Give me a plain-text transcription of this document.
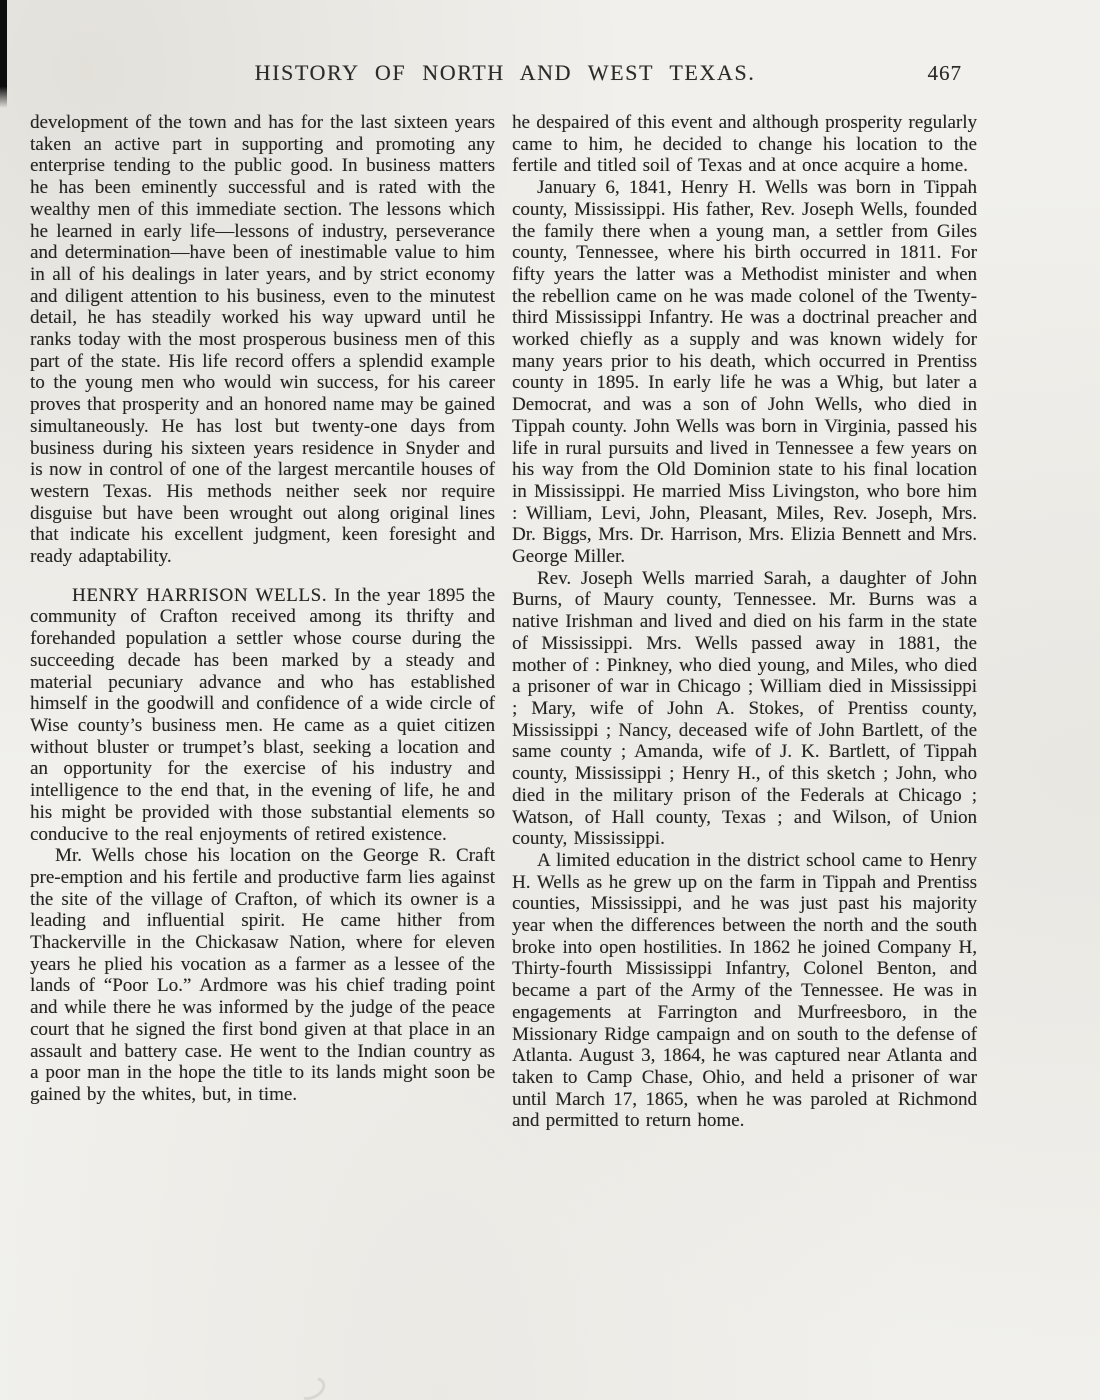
HISTORY OF NORTH AND WEST TEXAS.	467

development of the town and has for the last sixteen years taken an active part in supporting and promoting any enterprise tending to the public good. In business matters he has been eminently successful and is rated with the wealthy men of this immediate section. The lessons which he learned in early life—lessons of industry, perseverance and determination—have been of inestimable value to him in all of his dealings in later years, and by strict economy and diligent attention to his business, even to the minutest detail, he has steadily worked his way upward until he ranks today with the most prosperous business men of this part of the state. His life record offers a splendid example to the young men who would win success, for his career proves that prosperity and an honored name may be gained simultaneously. He has lost but twenty-one days from business during his sixteen years residence in Snyder and is now in control of one of the largest mercantile houses of western Texas. His methods neither seek nor require disguise but have been wrought out along original lines that indicate his excellent judgment, keen foresight and ready adaptability.

HENRY HARRISON WELLS. In the year 1895 the community of Crafton received among its thrifty and forehanded population a settler whose course during the succeeding decade has been marked by a steady and material pecuniary advance and who has established himself in the goodwill and confidence of a wide circle of Wise county’s business men. He came as a quiet citizen without bluster or trumpet’s blast, seeking a location and an opportunity for the exercise of his industry and intelligence to the end that, in the evening of life, he and his might be provided with those substantial elements so conducive to the real enjoyments of retired existence.

Mr. Wells chose his location on the George R. Craft pre-emption and his fertile and productive farm lies against the site of the village of Crafton, of which its owner is a leading and influential spirit. He came hither from Thackerville in the Chickasaw Nation, where for eleven years he plied his vocation as a farmer as a lessee of the lands of “Poor Lo.” Ardmore was his chief trading point and while there he was informed by the judge of the peace court that he signed the first bond given at that place in an assault and battery case. He went to the Indian country as a poor man in the hope the title to its lands might soon be gained by the whites, but, in time.

he despaired of this event and although prosperity regularly came to him, he decided to change his location to the fertile and titled soil of Texas and at once acquire a home.

January 6, 1841, Henry H. Wells was born in Tippah county, Mississippi. His father, Rev. Joseph Wells, founded the family there when a young man, a settler from Giles county, Tennessee, where his birth occurred in 1811. For fifty years the latter was a Methodist minister and when the rebellion came on he was made colonel of the Twenty-third Mississippi Infantry. He was a doctrinal preacher and worked chiefly as a supply and was known widely for many years prior to his death, which occurred in Prentiss county in 1895. In early life he was a Whig, but later a Democrat, and was a son of John Wells, who died in Tippah county. John Wells was born in Virginia, passed his life in rural pursuits and lived in Tennessee a few years on his way from the Old Dominion state to his final location in Mississippi. He married Miss Livingston, who bore him : William, Levi, John, Pleasant, Miles, Rev. Joseph, Mrs. Dr. Biggs, Mrs. Dr. Harrison, Mrs. Elizia Bennett and Mrs. George Miller.

Rev. Joseph Wells married Sarah, a daughter of John Burns, of Maury county, Tennessee. Mr. Burns was a native Irishman and lived and died on his farm in the state of Mississippi. Mrs. Wells passed away in 1881, the mother of : Pinkney, who died young, and Miles, who died a prisoner of war in Chicago ; William died in Mississippi ; Mary, wife of John A. Stokes, of Prentiss county, Mississippi ; Nancy, deceased wife of John Bartlett, of the same county ; Amanda, wife of J. K. Bartlett, of Tippah county, Mississippi ; Henry H., of this sketch ; John, who died in the military prison of the Federals at Chicago ; Watson, of Hall county, Texas ; and Wilson, of Union county, Mississippi.

A limited education in the district school came to Henry H. Wells as he grew up on the farm in Tippah and Prentiss counties, Mississippi, and he was just past his majority year when the differences between the north and the south broke into open hostilities. In 1862 he joined Company H, Thirty-fourth Mississippi Infantry, Colonel Benton, and became a part of the Army of the Tennessee. He was in engagements at Farrington and Murfreesboro, in the Missionary Ridge campaign and on south to the defense of Atlanta. August 3, 1864, he was captured near Atlanta and taken to Camp Chase, Ohio, and held a prisoner of war until March 17, 1865, when he was paroled at Richmond and permitted to return home.
